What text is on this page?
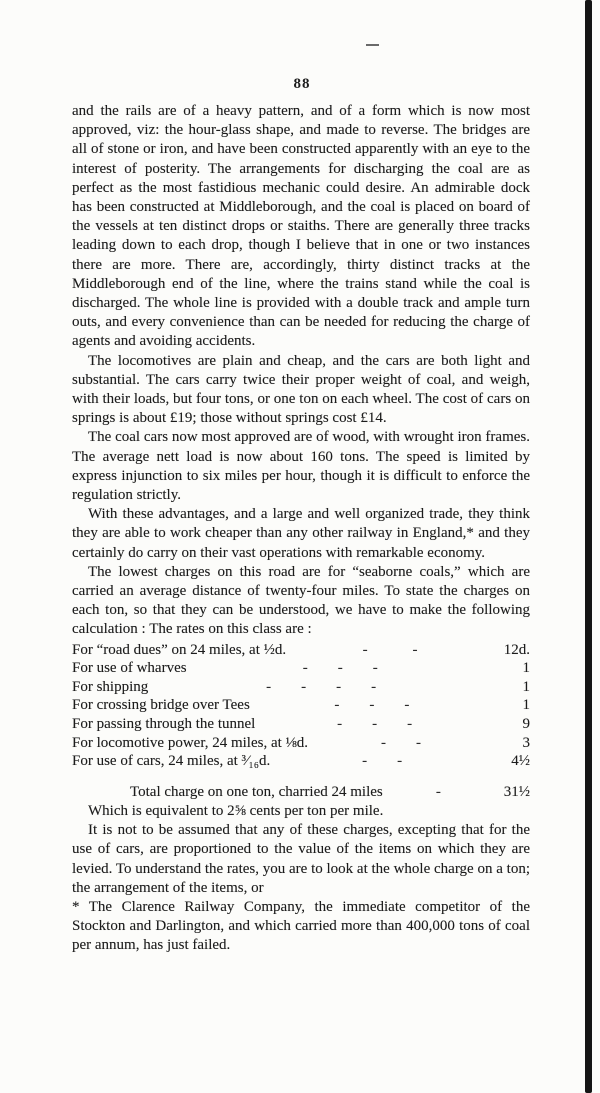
88

and the rails are of a heavy pattern, and of a form which is now most approved, viz: the hour-glass shape, and made to reverse. The bridges are all of stone or iron, and have been constructed apparently with an eye to the interest of posterity. The arrangements for discharging the coal are as perfect as the most fastidious mechanic could desire. An admirable dock has been constructed at Middleborough, and the coal is placed on board of the vessels at ten distinct drops or staiths. There are generally three tracks leading down to each drop, though I believe that in one or two instances there are more. There are, accordingly, thirty distinct tracks at the Middleborough end of the line, where the trains stand while the coal is discharged. The whole line is provided with a double track and ample turn outs, and every convenience than can be needed for reducing the charge of agents and avoiding accidents.

The locomotives are plain and cheap, and the cars are both light and substantial. The cars carry twice their proper weight of coal, and weigh, with their loads, but four tons, or one ton on each wheel. The cost of cars on springs is about £19; those without springs cost £14.

The coal cars now most approved are of wood, with wrought iron frames. The average nett load is now about 160 tons. The speed is limited by express injunction to six miles per hour, though it is difficult to enforce the regulation strictly.

With these advantages, and a large and well organized trade, they think they are able to work cheaper than any other railway in England,* and they certainly do carry on their vast operations with remarkable economy.

The lowest charges on this road are for “seaborne coals,” which are carried an average distance of twenty-four miles. To state the charges on each ton, so that they can be understood, we have to make the following calculation : The rates on this class are :

For “road dues” on 24 miles, at ½d.	-   -	12d.
For use of wharves	-  -  -	1
For shipping	-  -  -  -	1
For crossing bridge over Tees	-  -  -	1
For passing through the tunnel	-  -  -	9
For locomotive power, 24 miles, at ⅛d.	-  -	3
For use of cars, 24 miles, at ³⁄₁₆d.	-  -	4½
Total charge on one ton, charried 24 miles	-	31½

Which is equivalent to 2⅝ cents per ton per mile.

It is not to be assumed that any of these charges, excepting that for the use of cars, are proportioned to the value of the items on which they are levied. To understand the rates, you are to look at the whole charge on a ton; the arrangement of the items, or

* The Clarence Railway Company, the immediate competitor of the Stockton and Darlington, and which carried more than 400,000 tons of coal per annum, has just failed.
